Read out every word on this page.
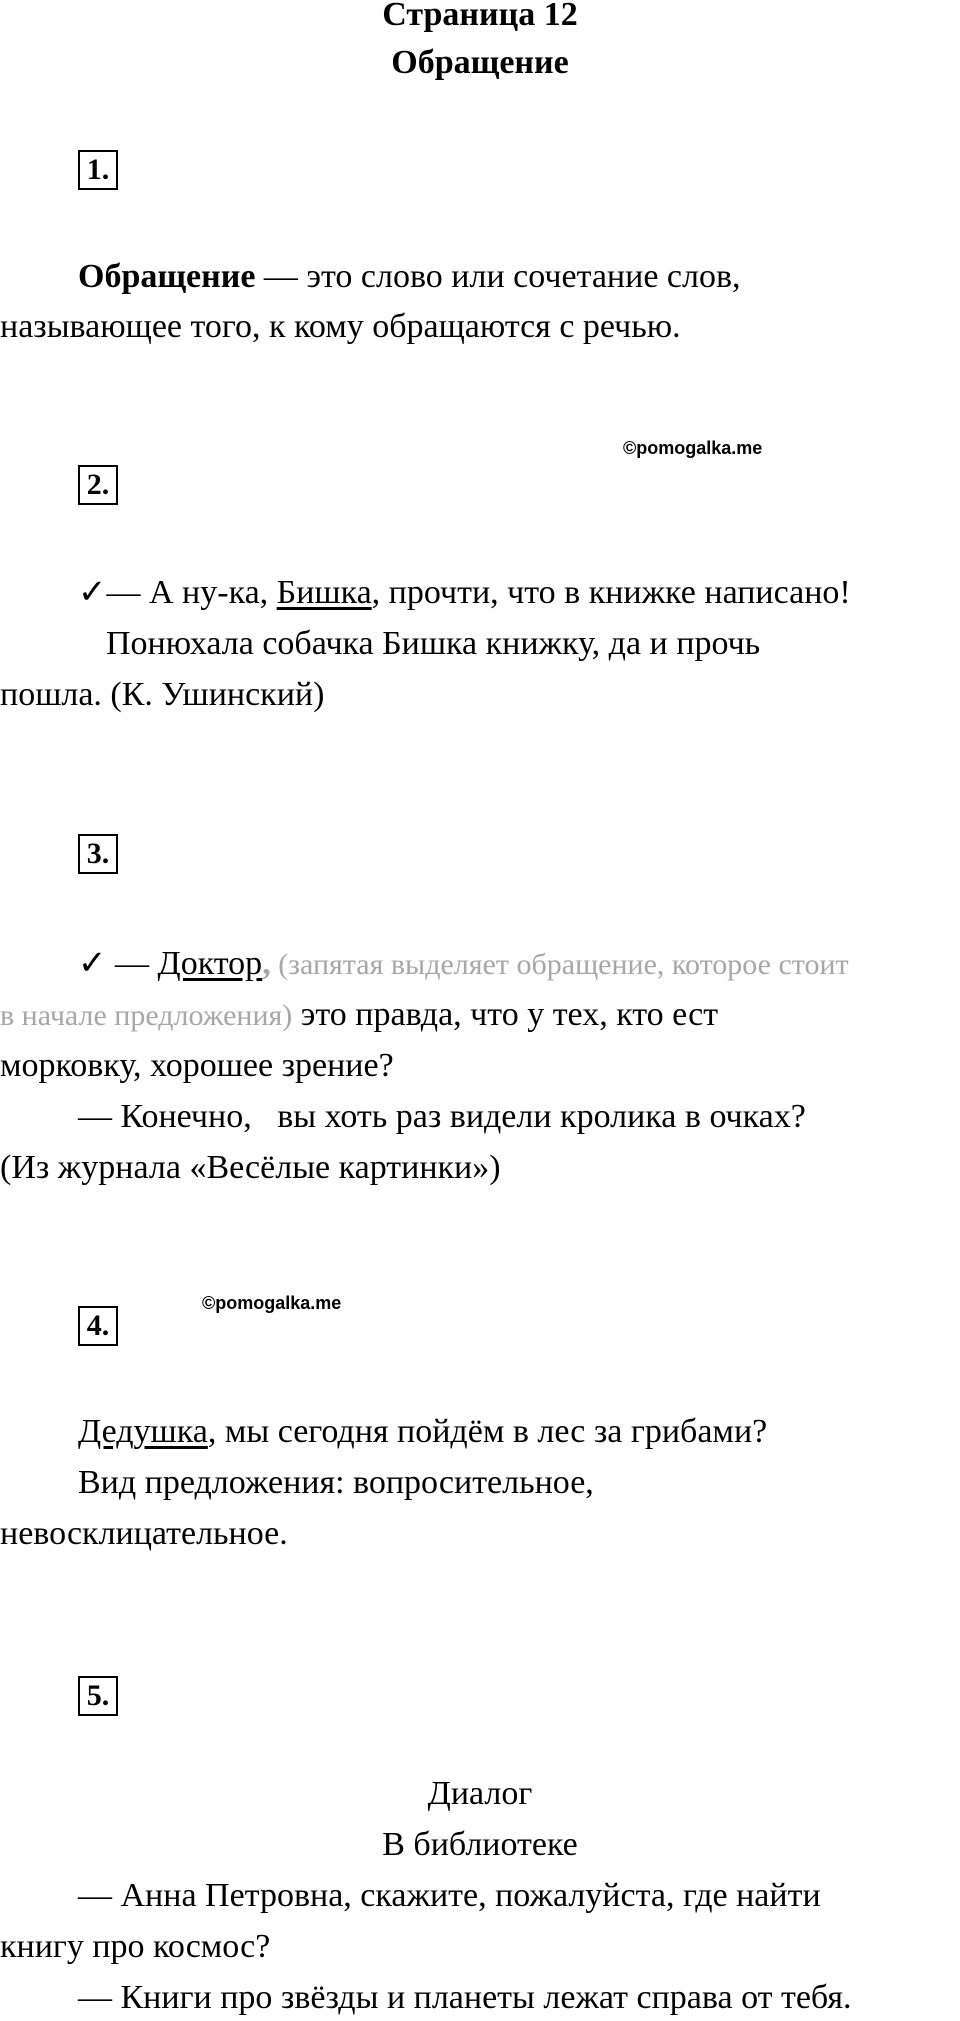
Страница 12
Обращение
1.
Обращение — это слово или сочетание слов,
называющее того, к кому обращаются с речью.
©pomogalka.me
2.
✓— А ну-ка, Бишка, прочти, что в книжке написано!
Понюхала собачка Бишка книжку, да и прочь
пошла. (К. Ушинский)
3.
✓ — Доктор, (запятая выделяет обращение, которое стоит
в начале предложения) это правда, что у тех, кто ест
морковку, хорошее зрение?
— Конечно,   вы хоть раз видели кролика в очках?
(Из журнала «Весёлые картинки»)
©pomogalka.me
4.
Дедушка, мы сегодня пойдём в лес за грибами?
Вид предложения: вопросительное,
невосклицательное.
5.
Диалог
В библиотеке
— Анна Петровна, скажите, пожалуйста, где найти
книгу про космос?
— Книги про звёзды и планеты лежат справа от тебя.
